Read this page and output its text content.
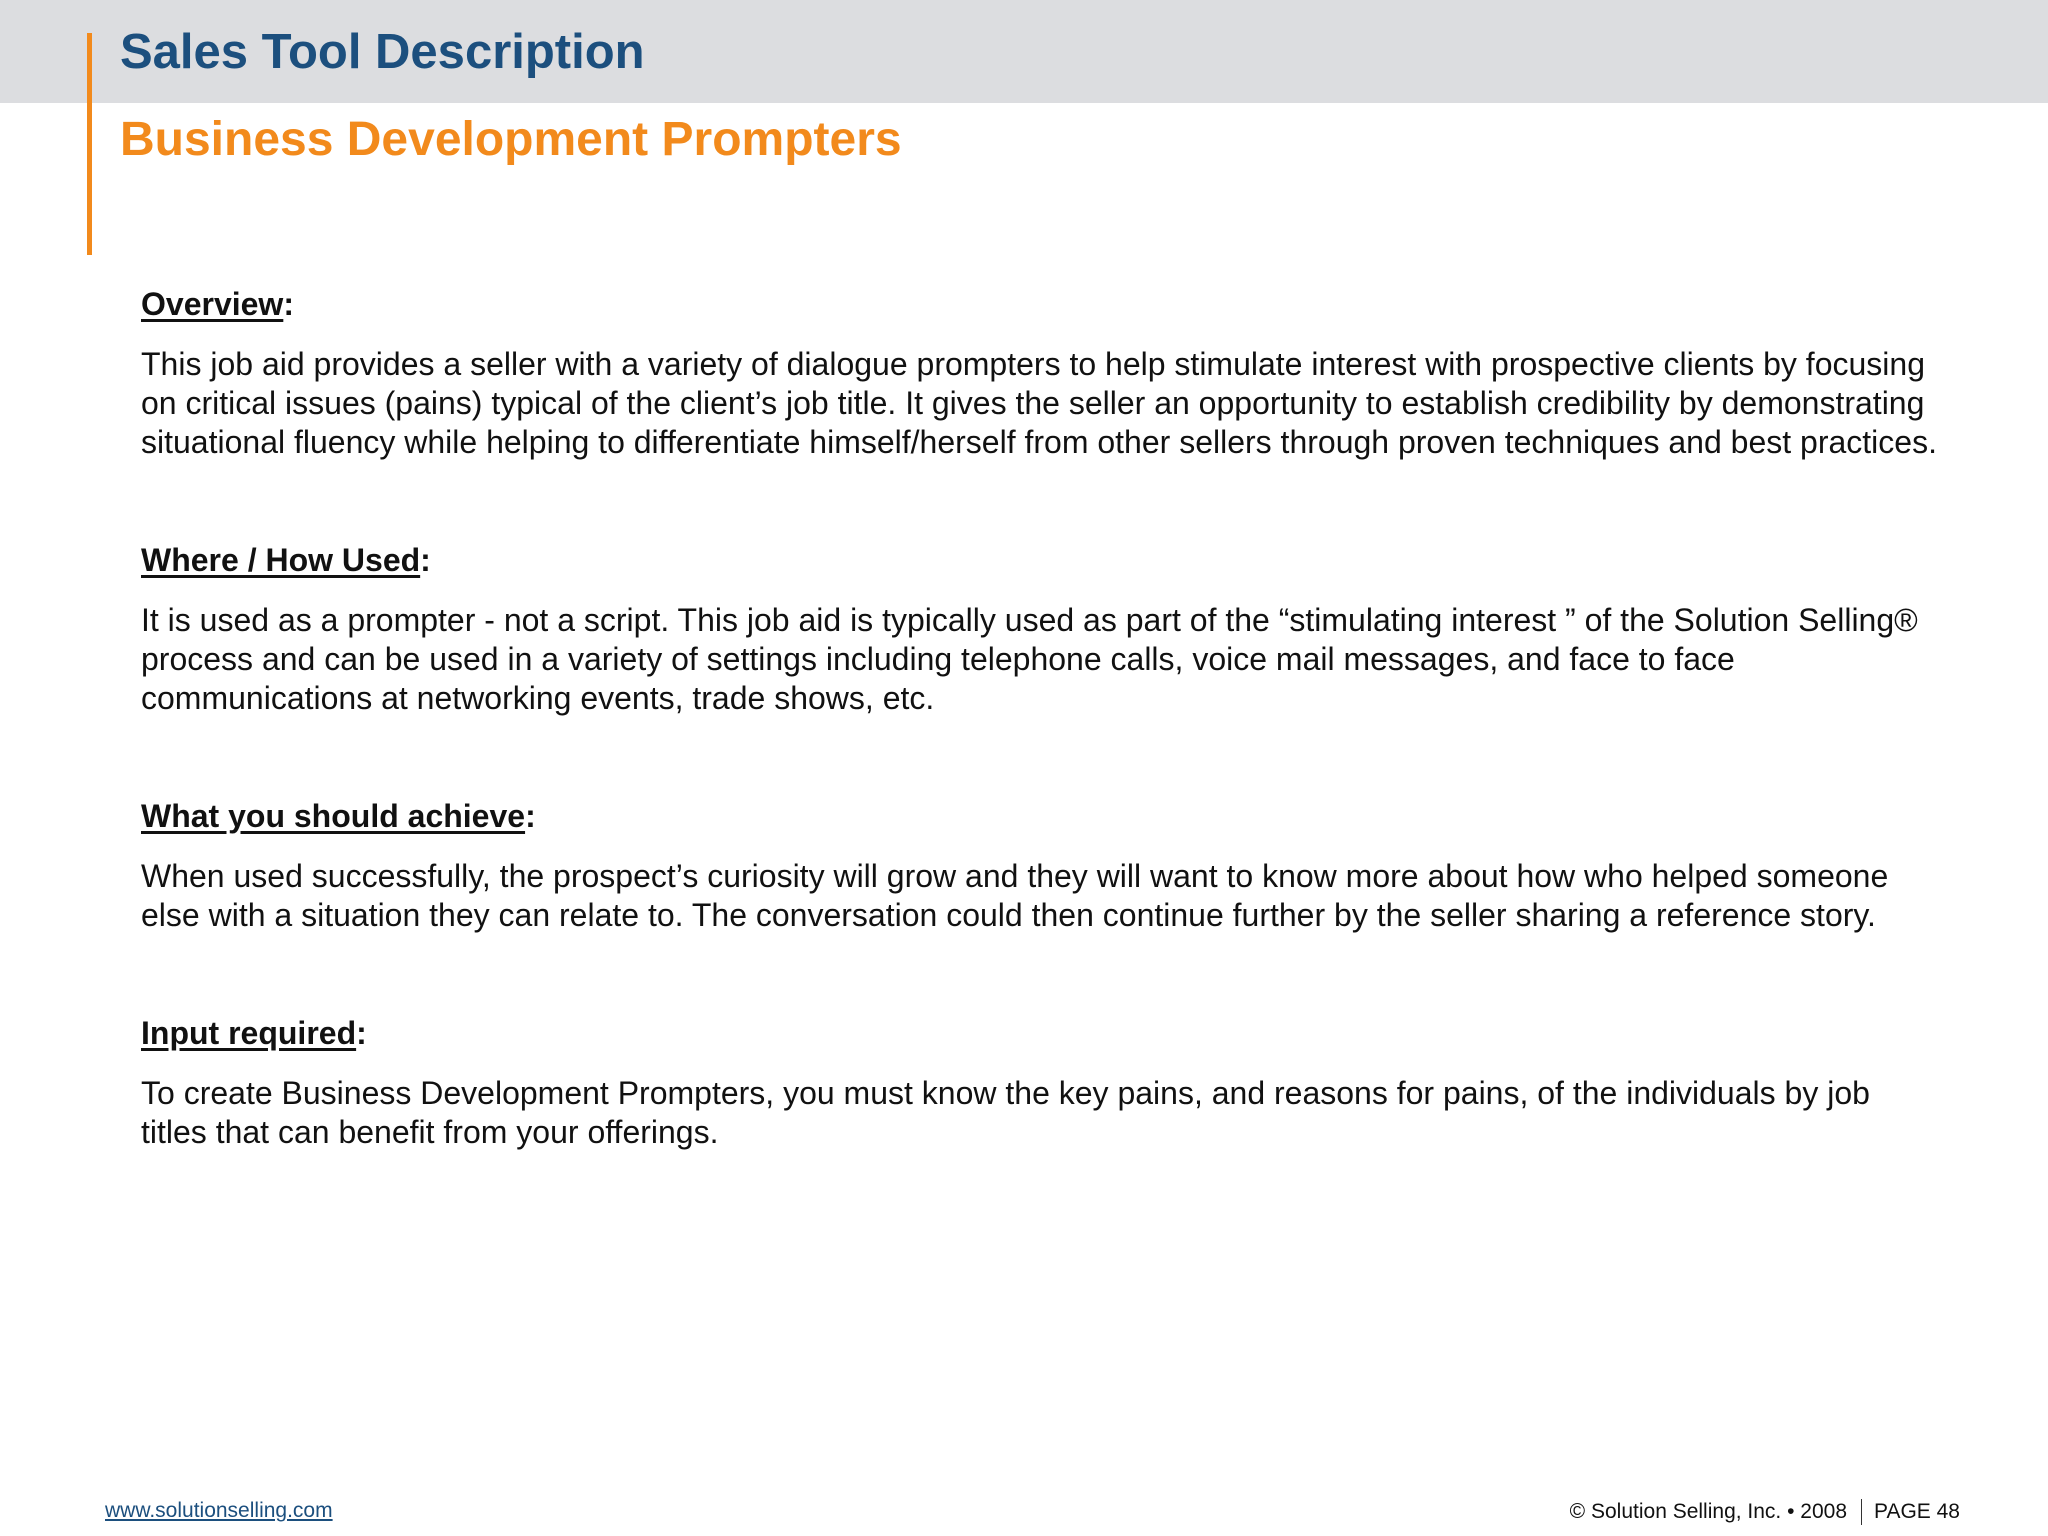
Sales Tool Description
Business Development Prompters

Overview:

This job aid provides a seller with a variety of dialogue prompters to help stimulate interest with prospective clients by focusing on critical issues (pains) typical of the client’s job title. It gives the seller an opportunity to establish credibility by demonstrating situational fluency while helping to differentiate himself/herself from other sellers through proven techniques and best practices.

Where / How Used:

It is used as a prompter - not a script. This job aid is typically used as part of the “stimulating interest ” of the Solution Selling® process and can be used in a variety of settings including telephone calls, voice mail messages, and face to face communications at networking events, trade shows, etc.

What you should achieve:

When used successfully, the prospect’s curiosity will grow and they will want to know more about how who helped someone else with a situation they can relate to. The conversation could then continue further by the seller sharing a reference story.

Input required:

To create Business Development Prompters, you must know the key pains, and reasons for pains, of the individuals by job titles that can benefit from your offerings.

www.solutionselling.com	© Solution Selling, Inc. • 2008 PAGE 48
